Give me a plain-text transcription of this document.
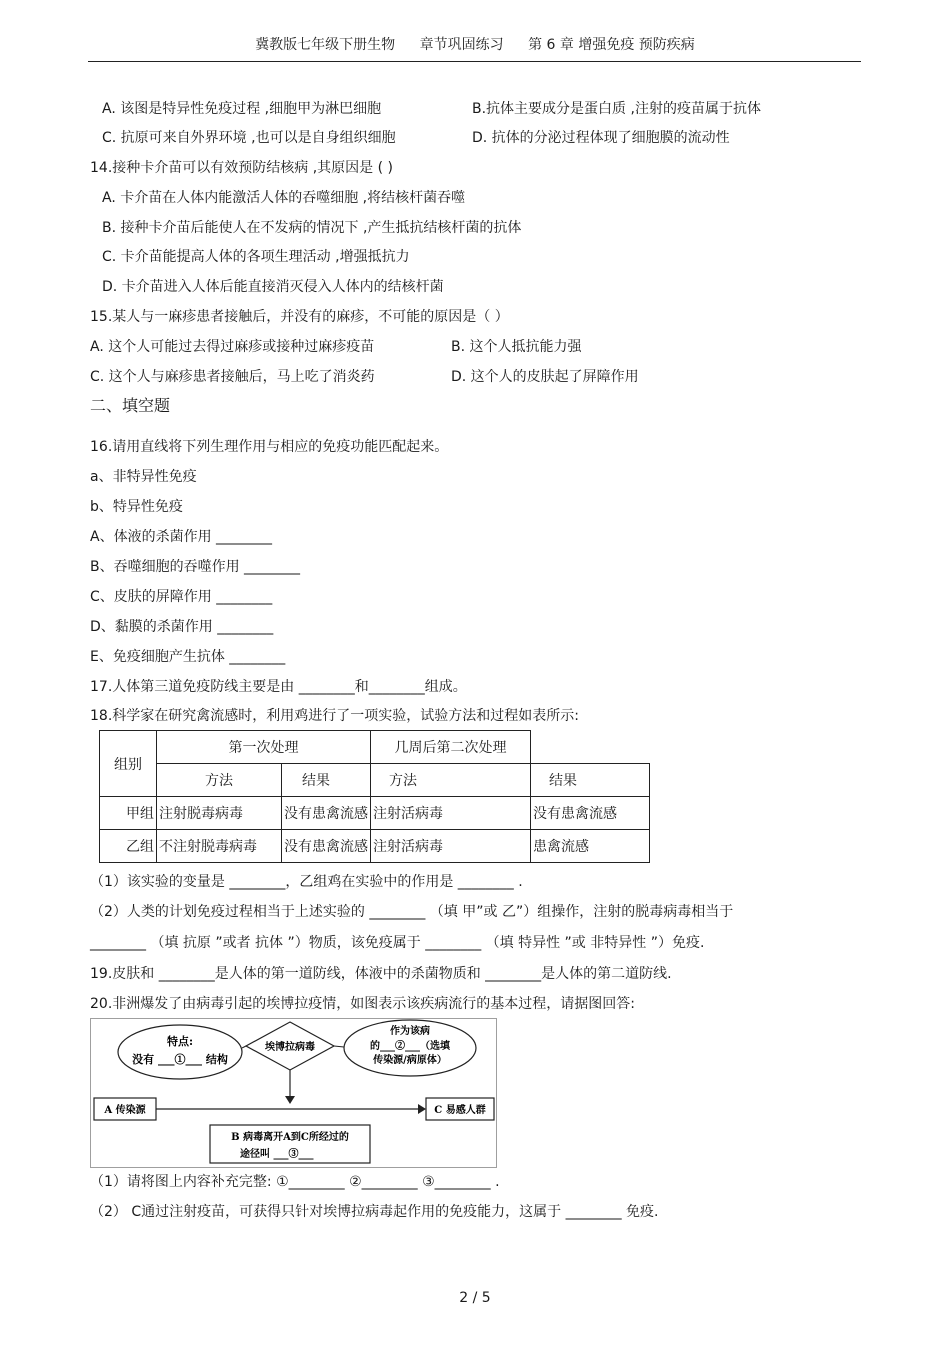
冀教版七年级下册生物 章节巩固练习 第 6 章 增强免疫 预防疾病
A. 该图是特异性免疫过程 ,细胞甲为淋巴细胞	B.抗体主要成分是蛋白质 ,注射的疫苗属于抗体
C. 抗原可来自外界环境 ,也可以是自身组织细胞	D. 抗体的分泌过程体现了细胞膜的流动性
14.接种卡介苗可以有效预防结核病 ,其原因是 ( )
A. 卡介苗在人体内能激活人体的吞噬细胞 ,将结核杆菌吞噬
B. 接种卡介苗后能使人在不发病的情况下 ,产生抵抗结核杆菌的抗体
C. 卡介苗能提高人体的各项生理活动 ,增强抵抗力
D. 卡介苗进入人体后能直接消灭侵入人体内的结核杆菌
15.某人与一麻疹患者接触后，并没有的麻疹，不可能的原因是（ ）
A. 这个人可能过去得过麻疹或接种过麻疹疫苗	B. 这个人抵抗能力强
C. 这个人与麻疹患者接触后，马上吃了消炎药	D. 这个人的皮肤起了屏障作用
二、填空题
16.请用直线将下列生理作用与相应的免疫功能匹配起来。
a、非特异性免疫
b、特异性免疫
A、体液的杀菌作用 ________
B、吞噬细胞的吞噬作用 ________
C、皮肤的屏障作用 ________
D、黏膜的杀菌作用 ________
E、免疫细胞产生抗体 ________
17.人体第三道免疫防线主要是由 ________和________组成。
18.科学家在研究禽流感时，利用鸡进行了一项实验，试验方法和过程如表所示:
组别	第一次处理		几周后第二次处理	
	方法	结果	方法	结果
甲组	注射脱毒病毒	没有患禽流感	注射活病毒	没有患禽流感
乙组	不注射脱毒病毒	没有患禽流感	注射活病毒	患禽流感
（1）该实验的变量是 ________，乙组鸡在实验中的作用是 ________ .
（2）人类的计划免疫过程相当于上述实验的 ________ （填 甲”或 乙”）组操作，注射的脱毒病毒相当于
________ （填 抗原 ”或者 抗体 ”）物质，该免疫属于 ________ （填 特异性 ”或 非特异性 ”）免疫.
19.皮肤和 ________是人体的第一道防线，体液中的杀菌物质和 ________是人体的第二道防线.
20.非洲爆发了由病毒引起的埃博拉疫情，如图表示该疾病流行的基本过程，请据图回答:
特点:
没有 ___①___ 结构
埃博拉病毒
作为该病
的___②___（选填
传染源/病原体）
A 传染源	C 易感人群
B 病毒离开A到C所经过的
途径叫 ___③___
（1）请将图上内容补充完整: ①________ ②________ ③________ .
（2） C通过注射疫苗，可获得只针对埃博拉病毒起作用的免疫能力，这属于 ________ 免疫.
2 / 5
